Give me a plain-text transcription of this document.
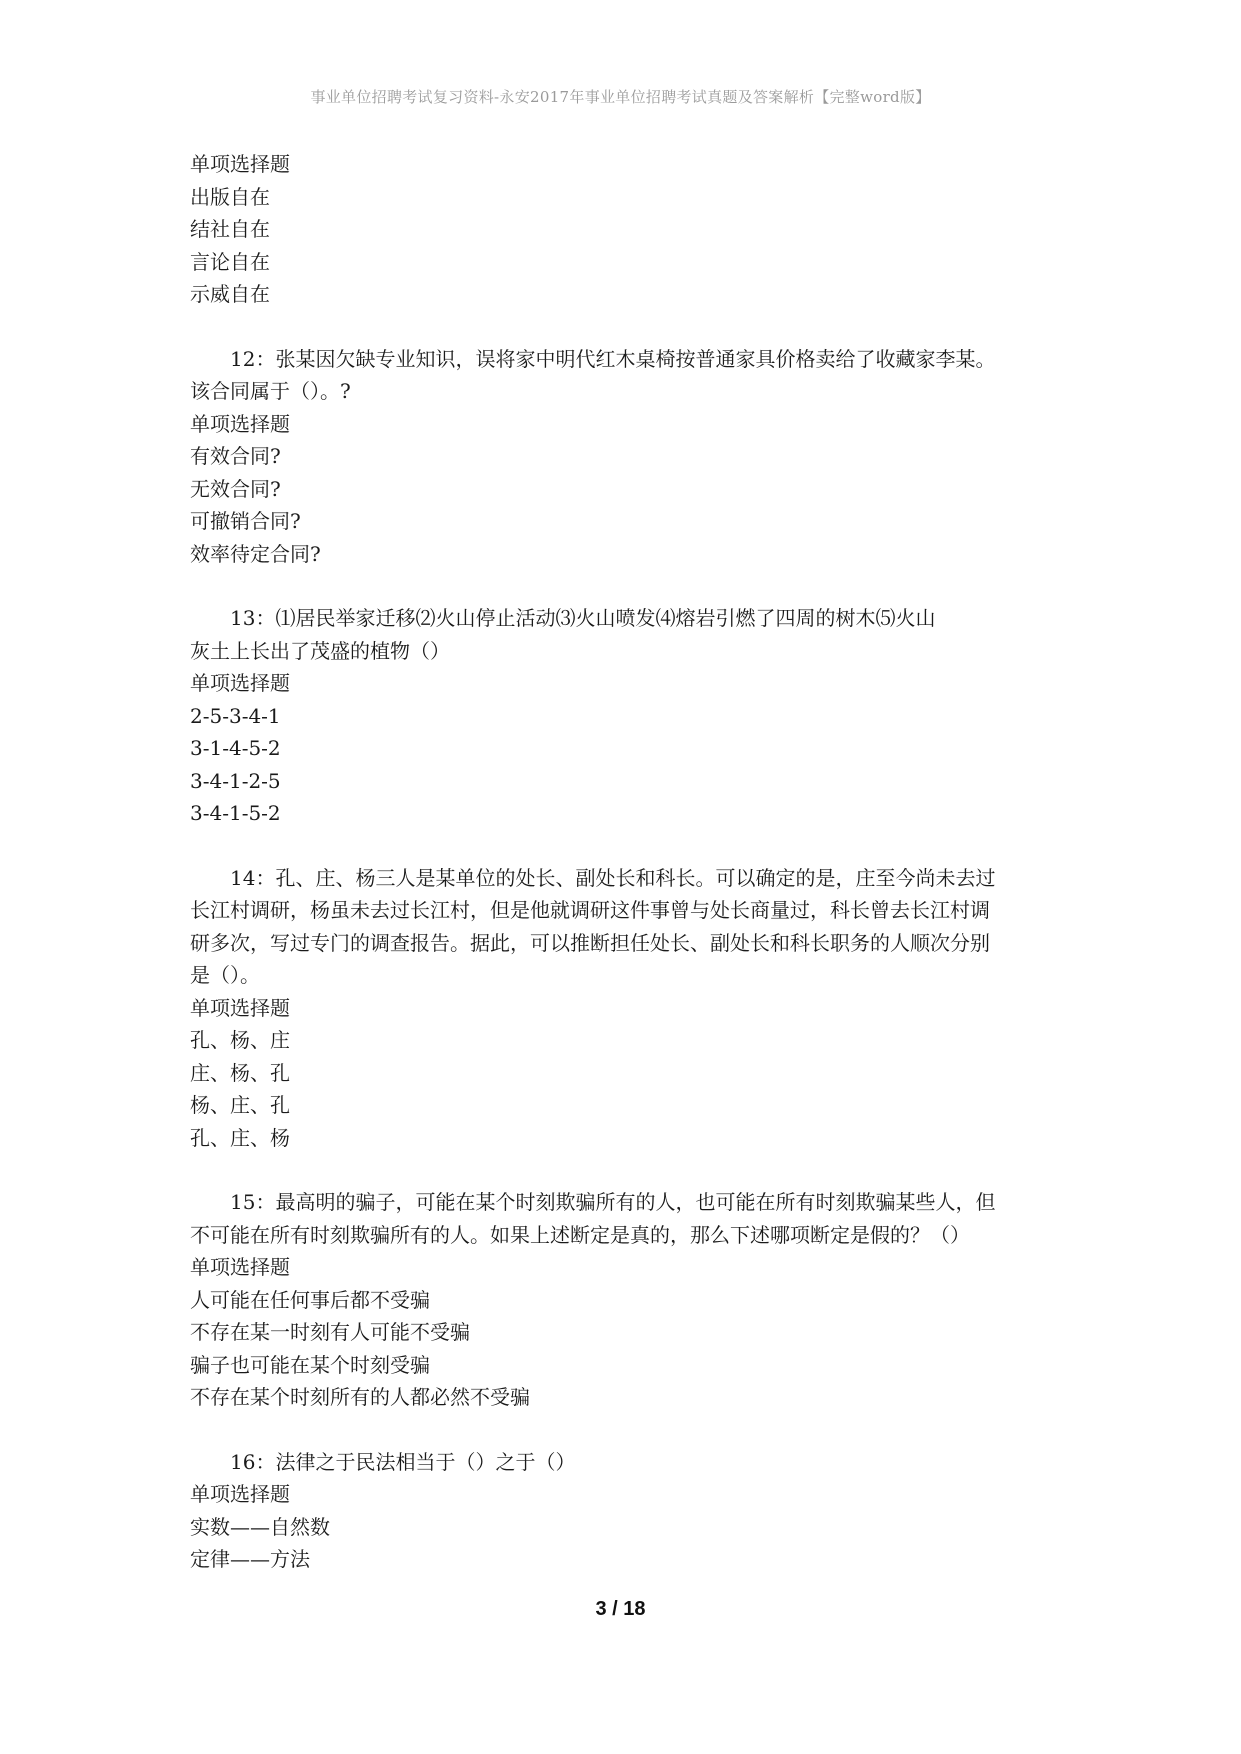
事业单位招聘考试复习资料-永安2017年事业单位招聘考试真题及答案解析【完整word版】
单项选择题
出版自在
结社自在
言论自在
示威自在
12：张某因欠缺专业知识，误将家中明代红木桌椅按普通家具价格卖给了收藏家李某。
该合同属于（）。?
单项选择题
有效合同?
无效合同?
可撤销合同?
效率待定合同?
13：⑴居民举家迁移⑵火山停止活动⑶火山喷发⑷熔岩引燃了四周的树木⑸火山
灰土上长出了茂盛的植物（）
单项选择题
2-5-3-4-1
3-1-4-5-2
3-4-1-2-5
3-4-1-5-2
14：孔、庄、杨三人是某单位的处长、副处长和科长。可以确定的是，庄至今尚未去过
长江村调研，杨虽未去过长江村，但是他就调研这件事曾与处长商量过，科长曾去长江村调
研多次，写过专门的调查报告。据此，可以推断担任处长、副处长和科长职务的人顺次分别
是（）。
单项选择题
孔、杨、庄
庄、杨、孔
杨、庄、孔
孔、庄、杨
15：最高明的骗子，可能在某个时刻欺骗所有的人，也可能在所有时刻欺骗某些人，但
不可能在所有时刻欺骗所有的人。如果上述断定是真的，那么下述哪项断定是假的？（）
单项选择题
人可能在任何事后都不受骗
不存在某一时刻有人可能不受骗
骗子也可能在某个时刻受骗
不存在某个时刻所有的人都必然不受骗
16：法律之于民法相当于（）之于（）
单项选择题
实数——自然数
定律——方法
3 / 18
